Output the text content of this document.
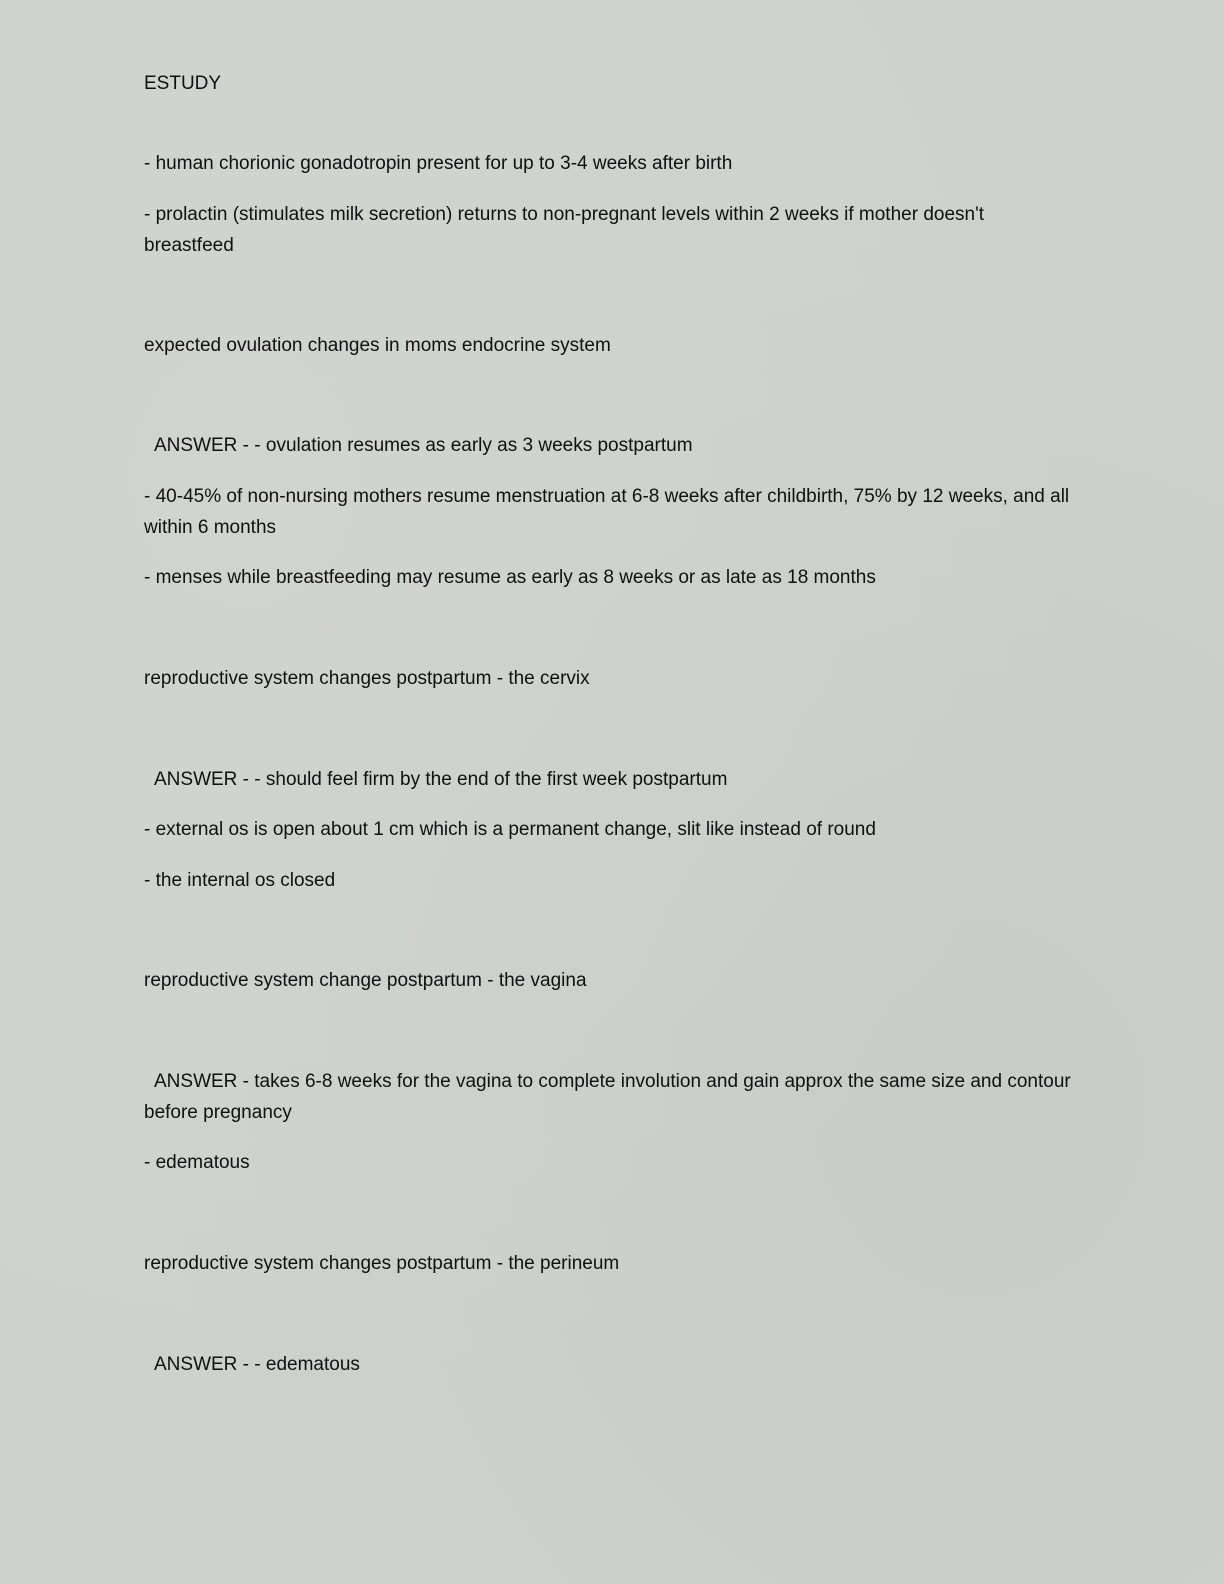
ESTUDY
- human chorionic gonadotropin present for up to 3-4 weeks after birth
- prolactin (stimulates milk secretion) returns to non-pregnant levels within 2 weeks if mother doesn't breastfeed
expected ovulation changes in moms endocrine system
ANSWER - - ovulation resumes as early as 3 weeks postpartum
- 40-45% of non-nursing mothers resume menstruation at 6-8 weeks after childbirth, 75% by 12 weeks, and all within 6 months
- menses while breastfeeding may resume as early as 8 weeks or as late as 18 months
reproductive system changes postpartum - the cervix
ANSWER - - should feel firm by the end of the first week postpartum
- external os is open about 1 cm which is a permanent change, slit like instead of round
- the internal os closed
reproductive system change postpartum - the vagina
ANSWER - takes 6-8 weeks for the vagina to complete involution and gain approx the same size and contour before pregnancy
- edematous
reproductive system changes postpartum - the perineum
ANSWER - - edematous
